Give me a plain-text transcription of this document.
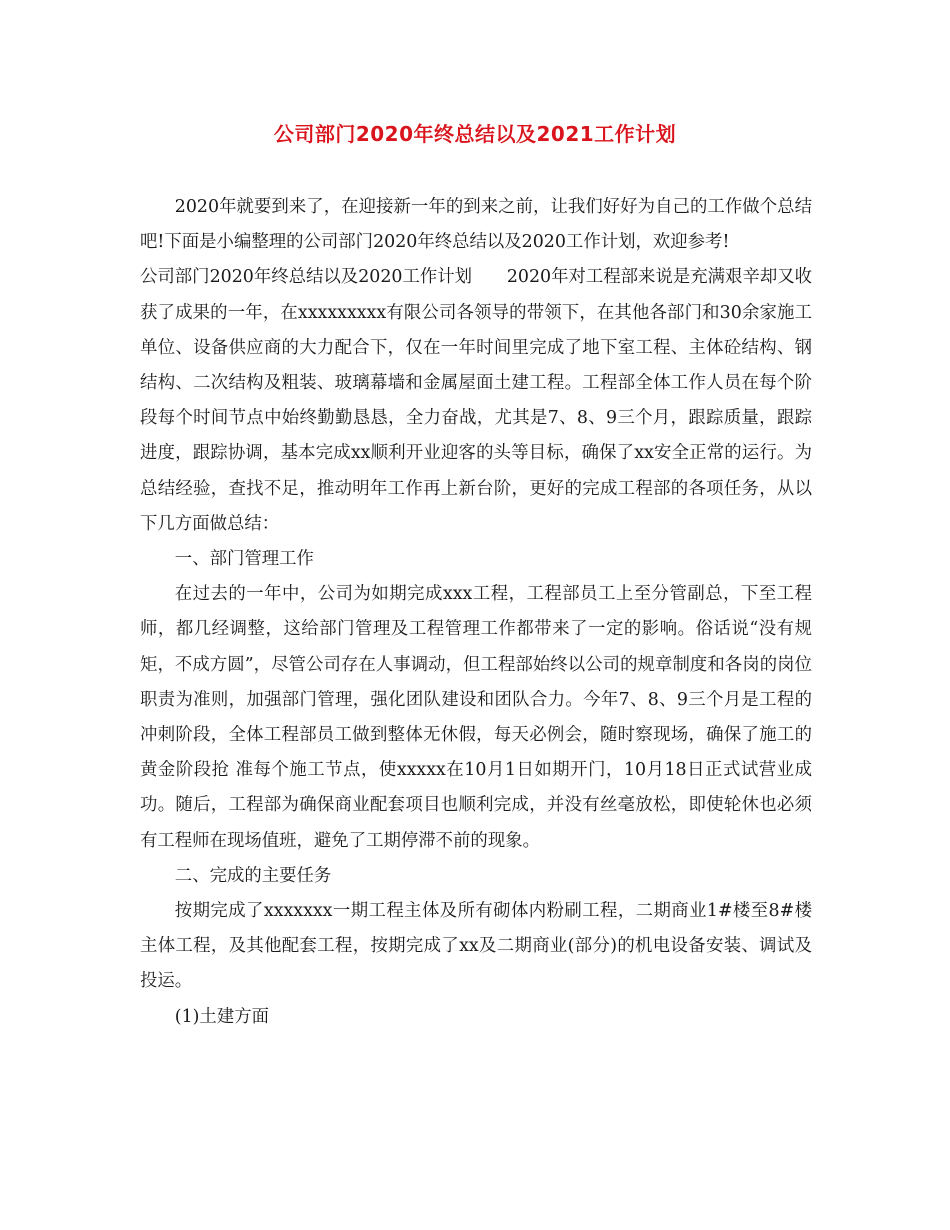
公司部门2020年终总结以及2021工作计划

2020年就要到来了，在迎接新一年的到来之前，让我们好好为自己的工作做个总结吧!下面是小编整理的公司部门2020年终总结以及2020工作计划，欢迎参考!

公司部门2020年终总结以及2020工作计划　　2020年对工程部来说是充满艰辛却又收获了成果的一年，在xxxxxxxxx有限公司各领导的带领下，在其他各部门和30余家施工单位、设备供应商的大力配合下，仅在一年时间里完成了地下室工程、主体砼结构、钢结构、二次结构及粗装、玻璃幕墙和金属屋面土建工程。工程部全体工作人员在每个阶段每个时间节点中始终勤勤恳恳，全力奋战，尤其是7、8、9三个月，跟踪质量，跟踪进度，跟踪协调，基本完成xx顺利开业迎客的头等目标，确保了xx安全正常的运行。为总结经验，查找不足，推动明年工作再上新台阶，更好的完成工程部的各项任务，从以下几方面做总结：

一、部门管理工作

在过去的一年中，公司为如期完成xxx工程，工程部员工上至分管副总，下至工程师，都几经调整，这给部门管理及工程管理工作都带来了一定的影响。俗话说“没有规矩，不成方圆”，尽管公司存在人事调动，但工程部始终以公司的规章制度和各岗的岗位职责为准则，加强部门管理，强化团队建设和团队合力。今年7、8、9三个月是工程的冲刺阶段，全体工程部员工做到整体无休假，每天必例会，随时察现场，确保了施工的黄金阶段抢 准每个施工节点，使xxxxx在10月1日如期开门，10月18日正式试营业成功。随后，工程部为确保商业配套项目也顺利完成，并没有丝毫放松，即使轮休也必须有工程师在现场值班，避免了工期停滞不前的现象。

二、完成的主要任务

按期完成了xxxxxxx一期工程主体及所有砌体内粉刷工程，二期商业1#楼至8#楼主体工程，及其他配套工程，按期完成了xx及二期商业(部分)的机电设备安装、调试及投运。

(1)土建方面
